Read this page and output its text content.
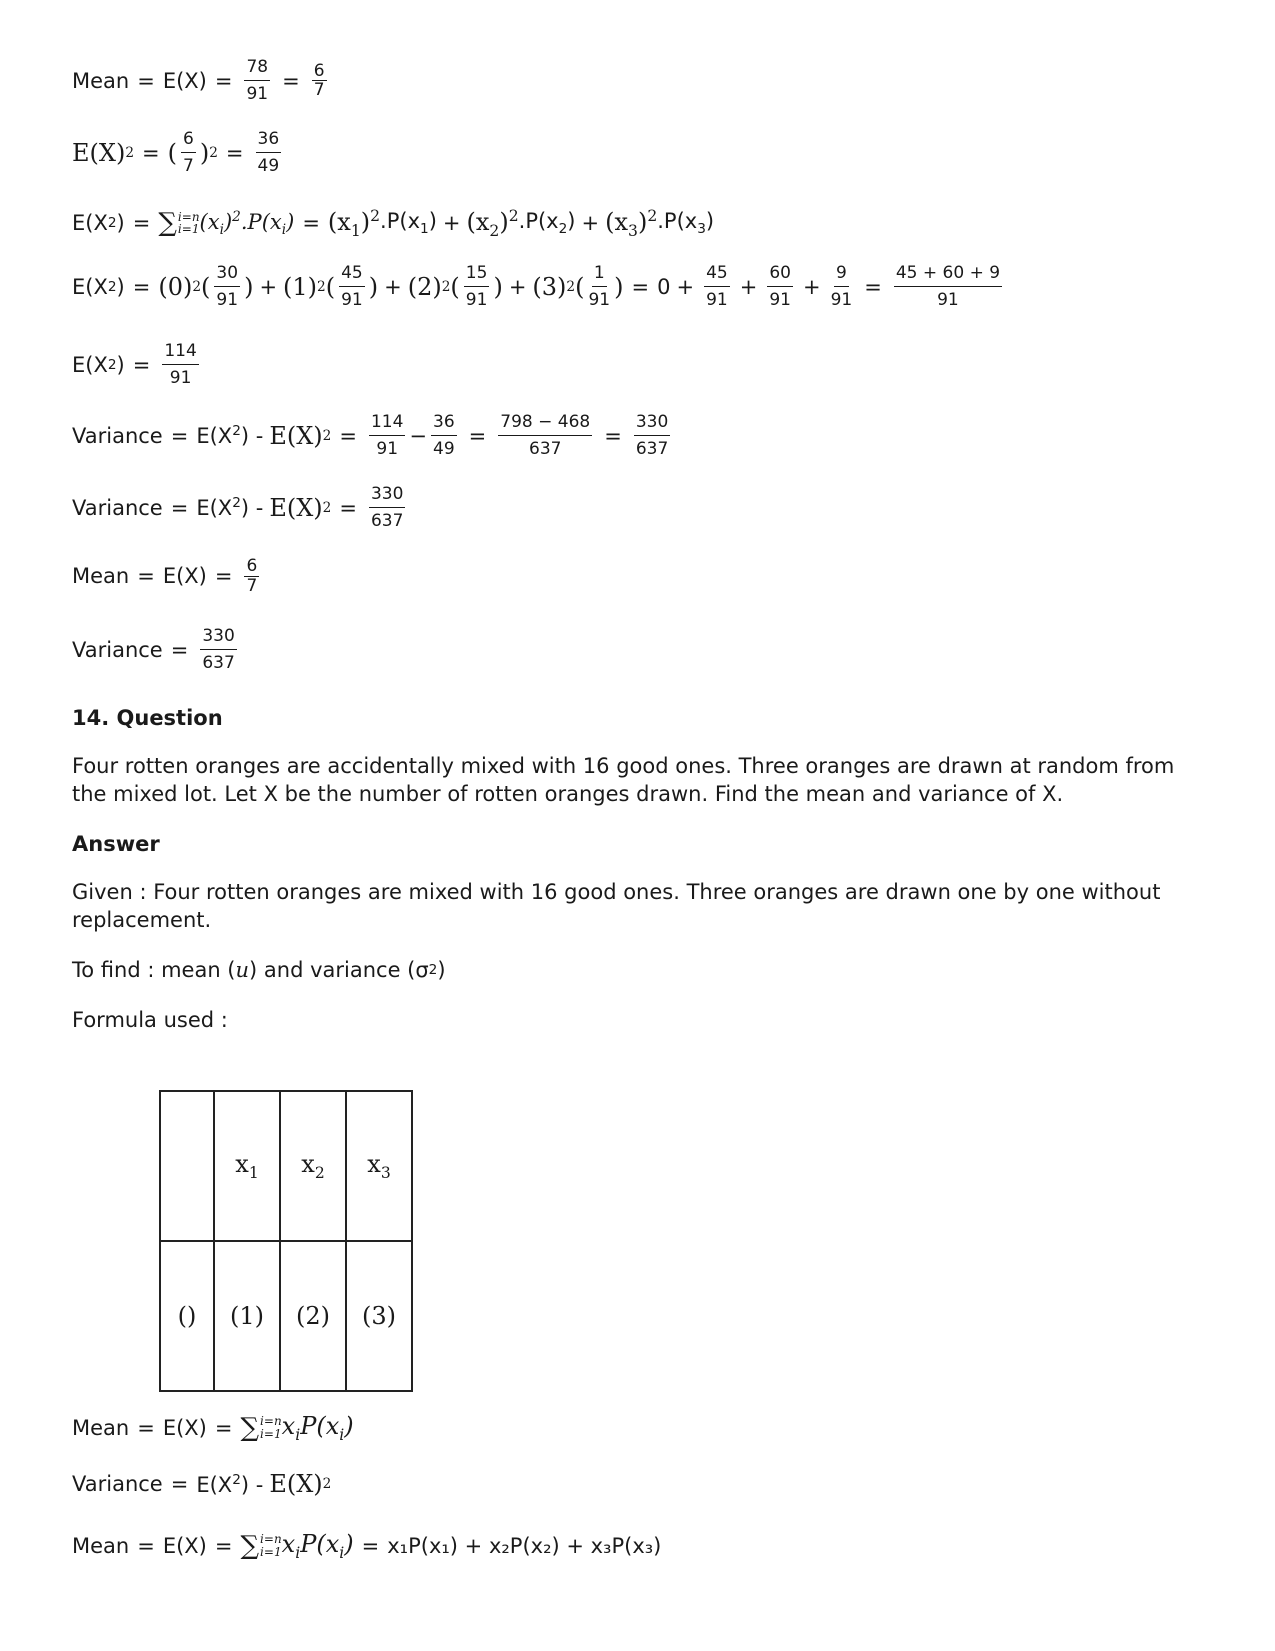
Mean = $E(X) = \frac{78}{91} = \frac{6}{7}$
E(X) 2 = ( $\frac{6}{7}$ ) $2 = \frac{36}{49}$
E(X 2 ) = ∑ i=n
i=1 $(x_i)^2.P(x_i) = (x_1)^2$ $.P(x_1) + (x_2)^2$ $.P(x_2) + (x_3)^2$ $.P(x_3)$
E(X 2 ) = (0) 2 ( $\frac{30}{91}$ ) + (1) 2 ( $\frac{45}{91}$ ) + (2) 2 ( $\frac{15}{91}$ ) + (3) 2 ( $\frac{1}{91}$ ) = $0 + \frac{45}{91} + \frac{60}{91} + \frac{9}{91} = \frac{45 + 60 + 9}{91}$
E(X 2 ) = $\frac{114}{91}$
Variance = $E(X^2) - E(X) 2 = \frac{114}{91} - \frac{36}{49} = \frac{798 - 468}{637} = \frac{330}{637}$
Variance = $E(X^2) - E(X) 2 = \frac{330}{637}$
Mean = $E(X) = \frac{6}{7}$
Variance = $\frac{330}{637}$
14. Question
Four rotten oranges are accidentally mixed with 16 good ones. Three oranges are drawn at random from the mixed lot. Let X be the number of rotten oranges drawn. Find the mean and variance of X.
Answer
Given : Four rotten oranges are mixed with 16 good ones. Three oranges are drawn one by one without replacement.
To find : mean ( u ) and variance (σ 2 )
Formula used :
	$x_1$	$x_2$	$x_3$
()	(1)	(2)	(3)
Mean = E(X) = ∑ i=n
i=1 $x_iP(x_i)$
Variance = $E(X^2) - E(X)$ 2
Mean = E(X) = ∑ i=n
i=1 $x_iP(x_i) = x_1P(x_1) + x_2P(x_2) + x_3P(x_3)$
